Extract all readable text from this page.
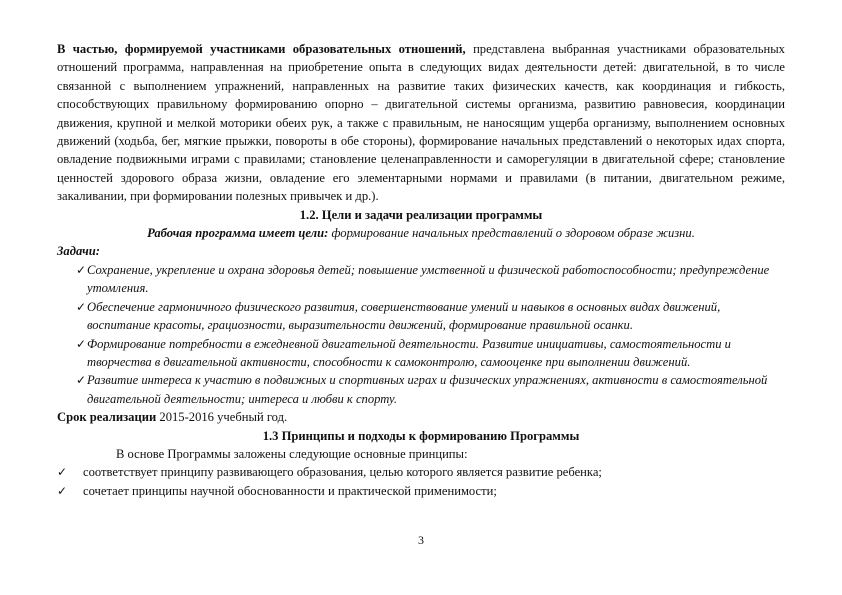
В частью, формируемой участниками образовательных отношений, представлена выбранная участниками образовательных отношений программа, направленная на приобретение опыта в следующих видах деятельности детей: двигательной, в то числе связанной с выполнением упражнений, направленных на развитие таких физических качеств, как координация и гибкость, способствующих правильному формированию опорно – двигательной системы организма, развитию равновесия, координации движения, крупной и мелкой моторики обеих рук, а также с правильным, не наносящим ущерба организму, выполнением основных движений (ходьба, бег, мягкие прыжки, повороты в обе стороны), формирование начальных представлений о некоторых идах спорта, овладение подвижными играми с правилами; становление целенаправленности и саморегуляции в двигательной сфере; становление ценностей здорового образа жизни, овладение его элементарными нормами и правилами (в питании, двигательном режиме, закаливании, при формировании полезных привычек и др.).

1.2. Цели и задачи реализации программы

Рабочая программа имеет цели: формирование начальных представлений о здоровом образе жизни.

Задачи:

✓ Сохранение, укрепление и охрана здоровья детей; повышение умственной и физической работоспособности; предупреждение утомления.
✓ Обеспечение гармоничного физического развития, совершенствование умений и навыков в основных видах движений, воспитание красоты, грациозности, выразительности движений, формирование правильной осанки.
✓ Формирование потребности в ежедневной двигательной деятельности. Развитие инициативы, самостоятельности и творчества в двигательной активности, способности к самоконтролю, самооценке при выполнении движений.
✓ Развитие интереса к участию в подвижных и спортивных играх и физических упражнениях, активности в самостоятельной двигательной деятельности; интереса и любви к спорту.

Срок реализации 2015-2016 учебный год.

1.3 Принципы и подходы к формированию Программы

В основе Программы заложены следующие основные принципы:

✓ соответствует принципу развивающего образования, целью которого является развитие ребенка;
✓ сочетает принципы научной обоснованности и практической применимости;
3
